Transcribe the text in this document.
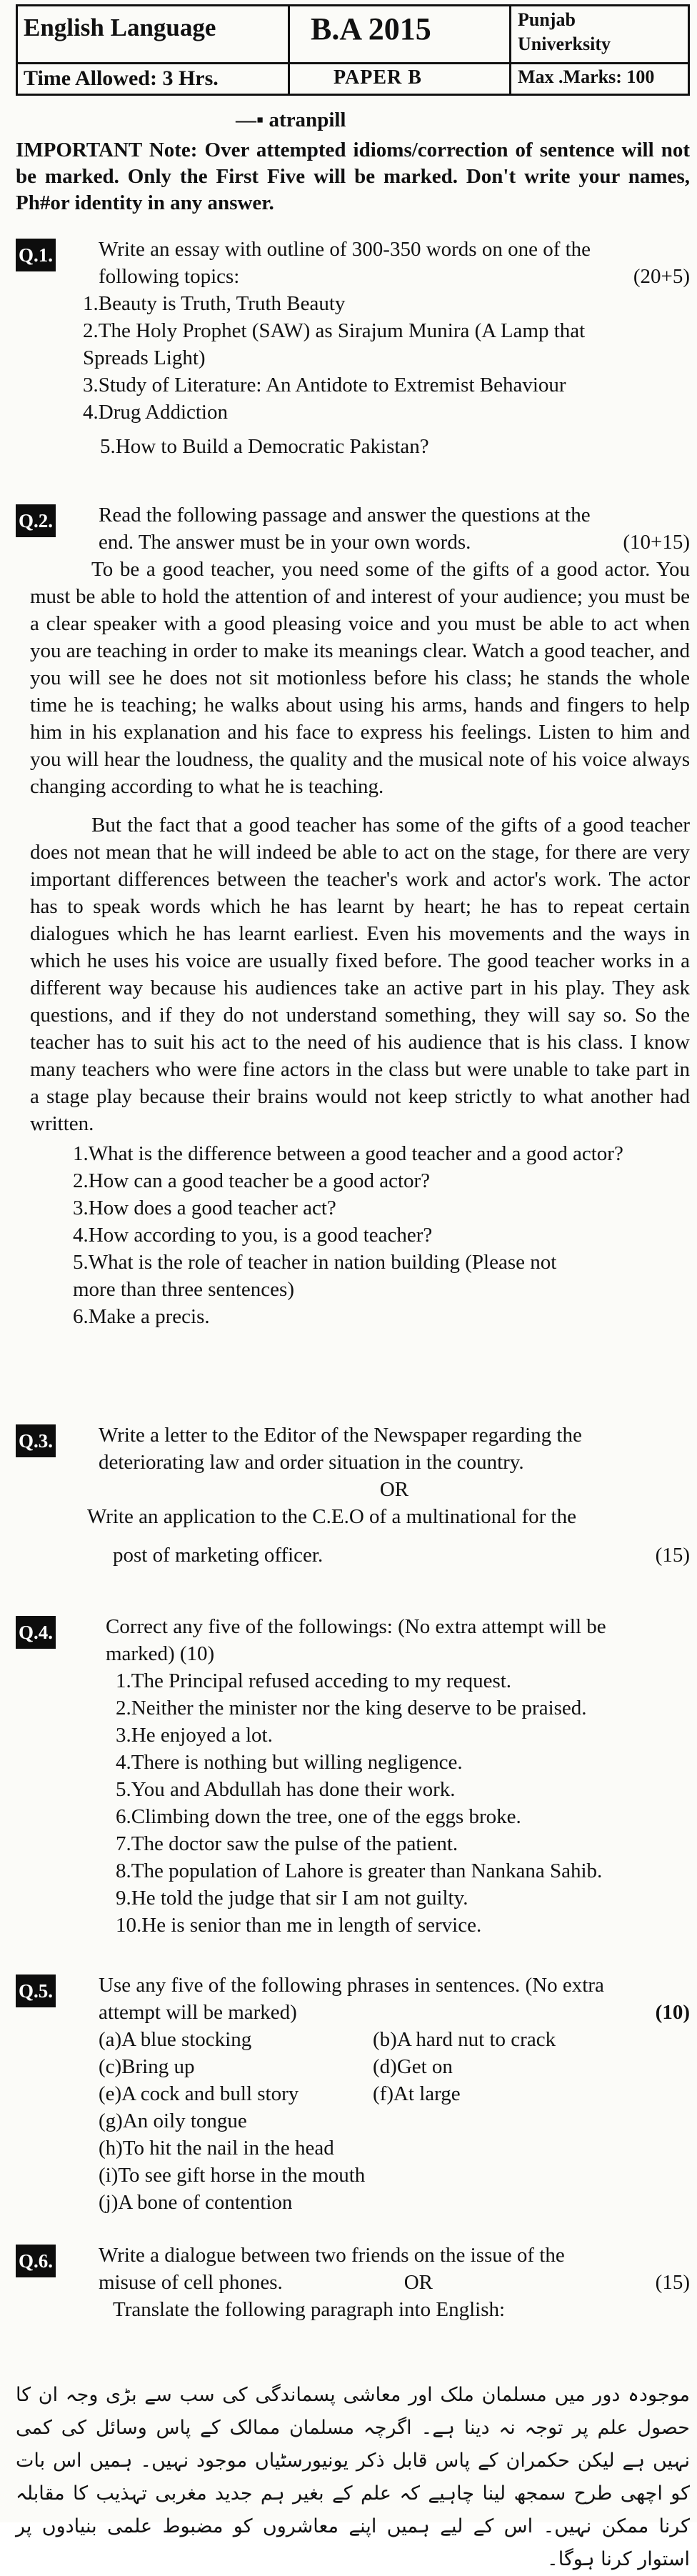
English Language	B.A 2015	Punjab
Univerksity
Time Allowed: 3 Hrs.	PAPER B	Max .Marks: 100
—▪ atranpill
IMPORTANT Note: Over attempted idioms/correction of sentence will not be marked. Only the First Five will be marked. Don't write your names, Ph#or identity in any answer.
Q.1. Write an essay with outline of 300-350 words on one of the
following topics:	(20+5)
1.Beauty is Truth, Truth Beauty
2.The Holy Prophet (SAW) as Sirajum Munira (A Lamp that
Spreads Light)
3.Study of Literature: An Antidote to Extremist Behaviour
4.Drug Addiction
5.How to Build a Democratic Pakistan?
Q.2. Read the following passage and answer the questions at the
end. The answer must be in your own words.	(10+15)

To be a good teacher, you need some of the gifts of a good actor. You must be able to hold the attention of and interest of your audience; you must be a clear speaker with a good pleasing voice and you must be able to act when you are teaching in order to make its meanings clear. Watch a good teacher, and you will see he does not sit motionless before his class; he stands the whole time he is teaching; he walks about using his arms, hands and fingers to help him in his explanation and his face to express his feelings. Listen to him and you will hear the loudness, the quality and the musical note of his voice always changing according to what he is teaching.

But the fact that a good teacher has some of the gifts of a good teacher does not mean that he will indeed be able to act on the stage, for there are very important differences between the teacher's work and actor's work. The actor has to speak words which he has learnt by heart; he has to repeat certain dialogues which he has learnt earliest. Even his movements and the ways in which he uses his voice are usually fixed before. The good teacher works in a different way because his audiences take an active part in his play. They ask questions, and if they do not understand something, they will say so. So the teacher has to suit his act to the need of his audience that is his class. I know many teachers who were fine actors in the class but were unable to take part in a stage play because their brains would not keep strictly to what another had written.

1.What is the difference between a good teacher and a good actor?
2.How can a good teacher be a good actor?
3.How does a good teacher act?
4.How according to you, is a good teacher?
5.What is the role of teacher in nation building (Please not
more than three sentences)
6.Make a precis.
Q.3. Write a letter to the Editor of the Newspaper regarding the
deteriorating law and order situation in the country.
OR
Write an application to the C.E.O of a multinational for the
post of marketing officer.	(15)
Q.4.	Correct any five of the followings: (No extra attempt will be
marked) (10)
1.The Principal refused acceding to my request.
2.Neither the minister nor the king deserve to be praised.
3.He enjoyed a lot.
4.There is nothing but willing negligence.
5.You and Abdullah has done their work.
6.Climbing down the tree, one of the eggs broke.
7.The doctor saw the pulse of the patient.
8.The population of Lahore is greater than Nankana Sahib.
9.He told the judge that sir I am not guilty.
10.He is senior than me in length of service.
Q.5. Use any five of the following phrases in sentences. (No extra
attempt will be marked)	(10)
(a)A blue stocking	(b)A hard nut to crack
(c)Bring up	(d)Get on
(e)A cock and bull story	(f)At large
(g)An oily tongue
(h)To hit the nail in the head
(i)To see gift horse in the mouth
(j)A bone of contention
Q.6. Write a dialogue between two friends on the issue of the
misuse of cell phones.	OR	(15)
Translate the following paragraph into English:
موجودہ دور میں مسلمان ملک اور معاشی پسماندگی کی سب سے بڑی وجہ ان کا حصول علم پر توجہ نہ دینا ہے۔ اگرچہ مسلمان ممالک کے پاس وسائل کی کمی نہیں ہے لیکن حکمران کے پاس قابل ذکر یونیورسٹیاں موجود نہیں۔ ہمیں اس بات کو اچھی طرح سمجھ لینا چاہیے کہ علم کے بغیر ہم جدید مغربی تہذیب کا مقابلہ کرنا ممکن نہیں۔ اس کے لیے ہمیں اپنے معاشروں کو مضبوط علمی بنیادوں پر استوار کرنا ہوگا۔
